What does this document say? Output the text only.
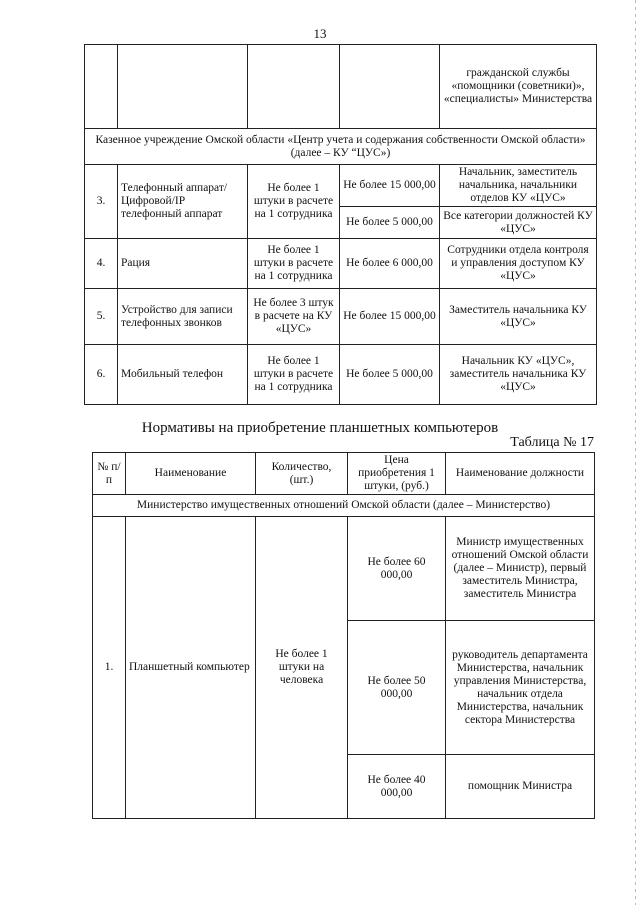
13
				гражданской службы «помощники (советники)», «специалисты» Министерства
Казенное учреждение Омской области «Центр учета и содержания собственности Омской области» (далее – КУ “ЦУС»)				
3.	Телефонный аппарат/Цифровой/IP телефонный аппарат	Не более 1 штуки в расчете на 1 сотрудника	Не более 15 000,00	Начальник, заместитель начальника, начальники отделов КУ «ЦУС»
			Не более 5 000,00	Все категории должностей КУ «ЦУС»
4.	Рация	Не более 1 штуки в расчете на 1 сотрудника	Не более 6 000,00	Сотрудники отдела контроля и управления доступом КУ «ЦУС»
5.	Устройство для записи телефонных звонков	Не более 3 штук в расчете на КУ «ЦУС»	Не более 15 000,00	Заместитель начальника КУ «ЦУС»
6.	Мобильный телефон	Не более 1 штуки в расчете на 1 сотрудника	Не более 5 000,00	Начальник КУ «ЦУС», заместитель начальника КУ «ЦУС»
Нормативы на приобретение планшетных компьютеров
Таблица № 17
№ п/п	Наименование	Количество, (шт.)	Цена приобретения 1 штуки, (руб.)	Наименование должности
Министерство имущественных отношений Омской области (далее – Министерство)				
1.	Планшетный компьютер	Не более 1 штуки на человека	Не более 60 000,00	Министр имущественных отношений Омской области (далее – Министр), первый заместитель Министра, заместитель Министра
			Не более 50 000,00	руководитель департамента Министерства, начальник управления Министерства, начальник отдела Министерства, начальник сектора Министерства
			Не более 40 000,00	помощник Министра
